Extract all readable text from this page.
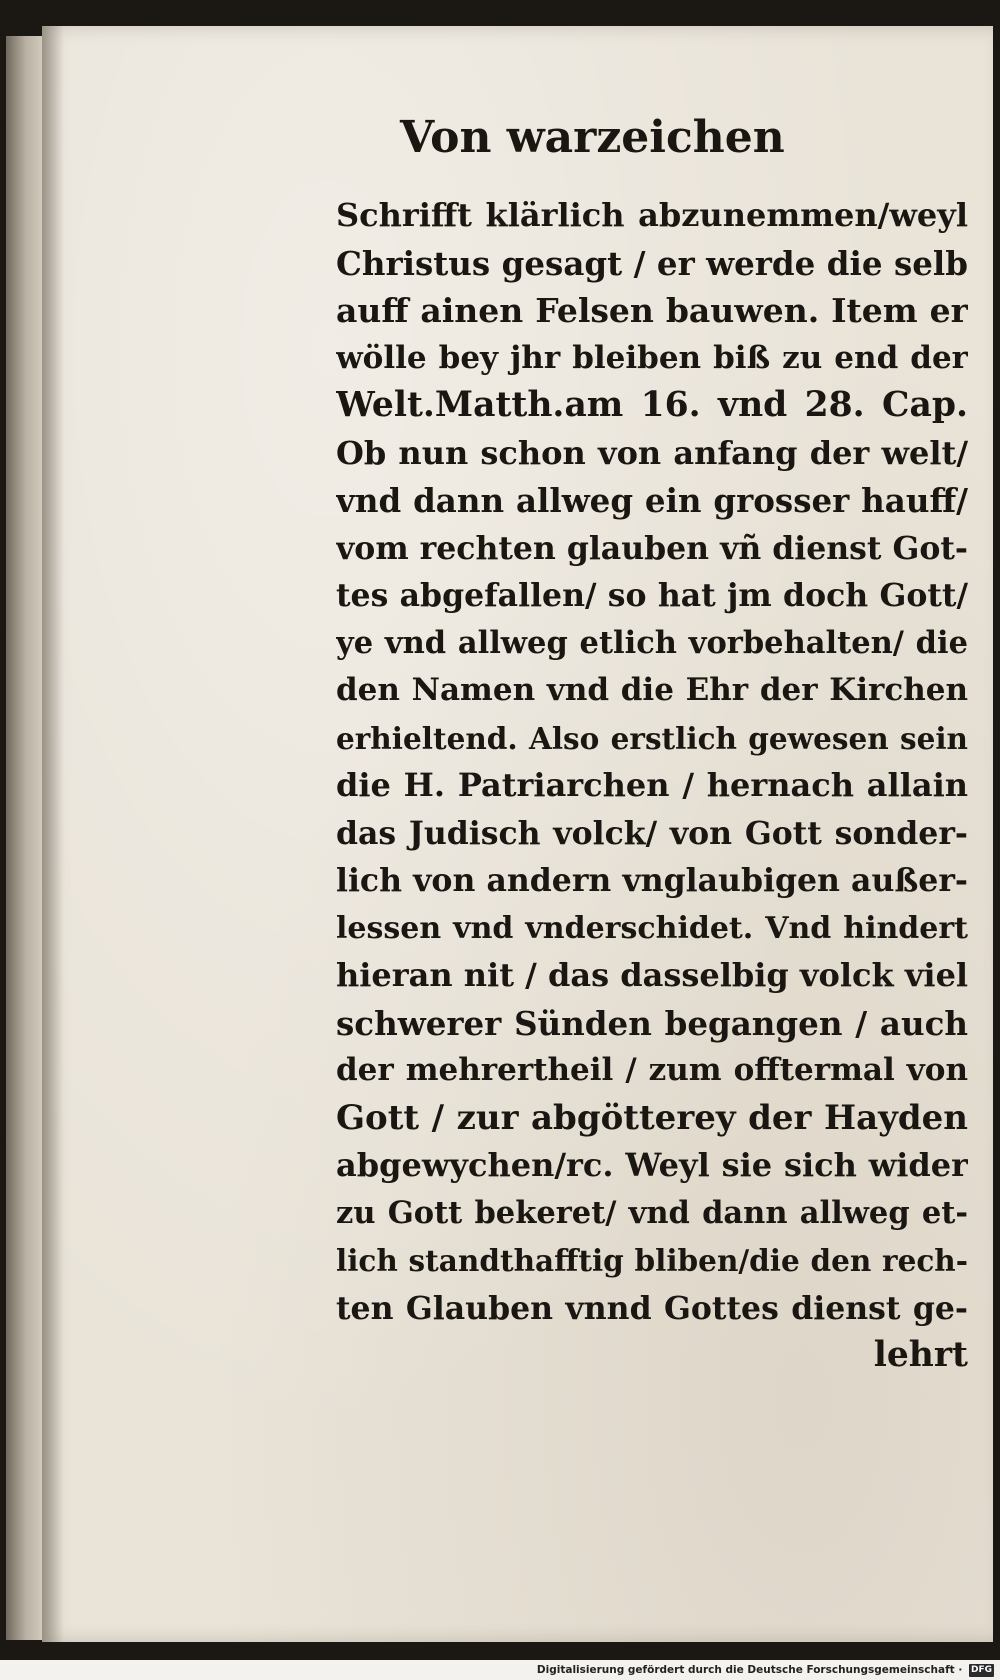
Von warzeichen
Schrifft klärlich abzunemmen/weyl
Christus gesagt / er werde die selb
auff ainen Felsen bauwen. Item er
wölle bey jhr bleiben biß zu end der
Welt.Matth.am 16. vnd 28. Cap.
Ob nun schon von anfang der welt/
vnd dann allweg ein grosser hauff/
vom rechten glauben vñ dienst Got-
tes abgefallen/ so hat jm doch Gott/
ye vnd allweg etlich vorbehalten/ die
den Namen vnd die Ehr der Kirchen
erhieltend. Also erstlich gewesen sein
die H. Patriarchen / hernach allain
das Judisch volck/ von Gott sonder-
lich von andern vnglaubigen außer-
lessen vnd vnderschidet. Vnd hindert
hieran nit / das dasselbig volck viel
schwerer Sünden begangen / auch
der mehrertheil / zum offtermal von
Gott / zur abgötterey der Hayden
abgewychen/rc. Weyl sie sich wider
zu Gott bekeret/ vnd dann allweg et-
lich standthafftig bliben/die den rech-
ten Glauben vnnd Gottes dienst ge-
lehrt
Digitalisierung gefördert durch die Deutsche Forschungsgemeinschaft · DFG
